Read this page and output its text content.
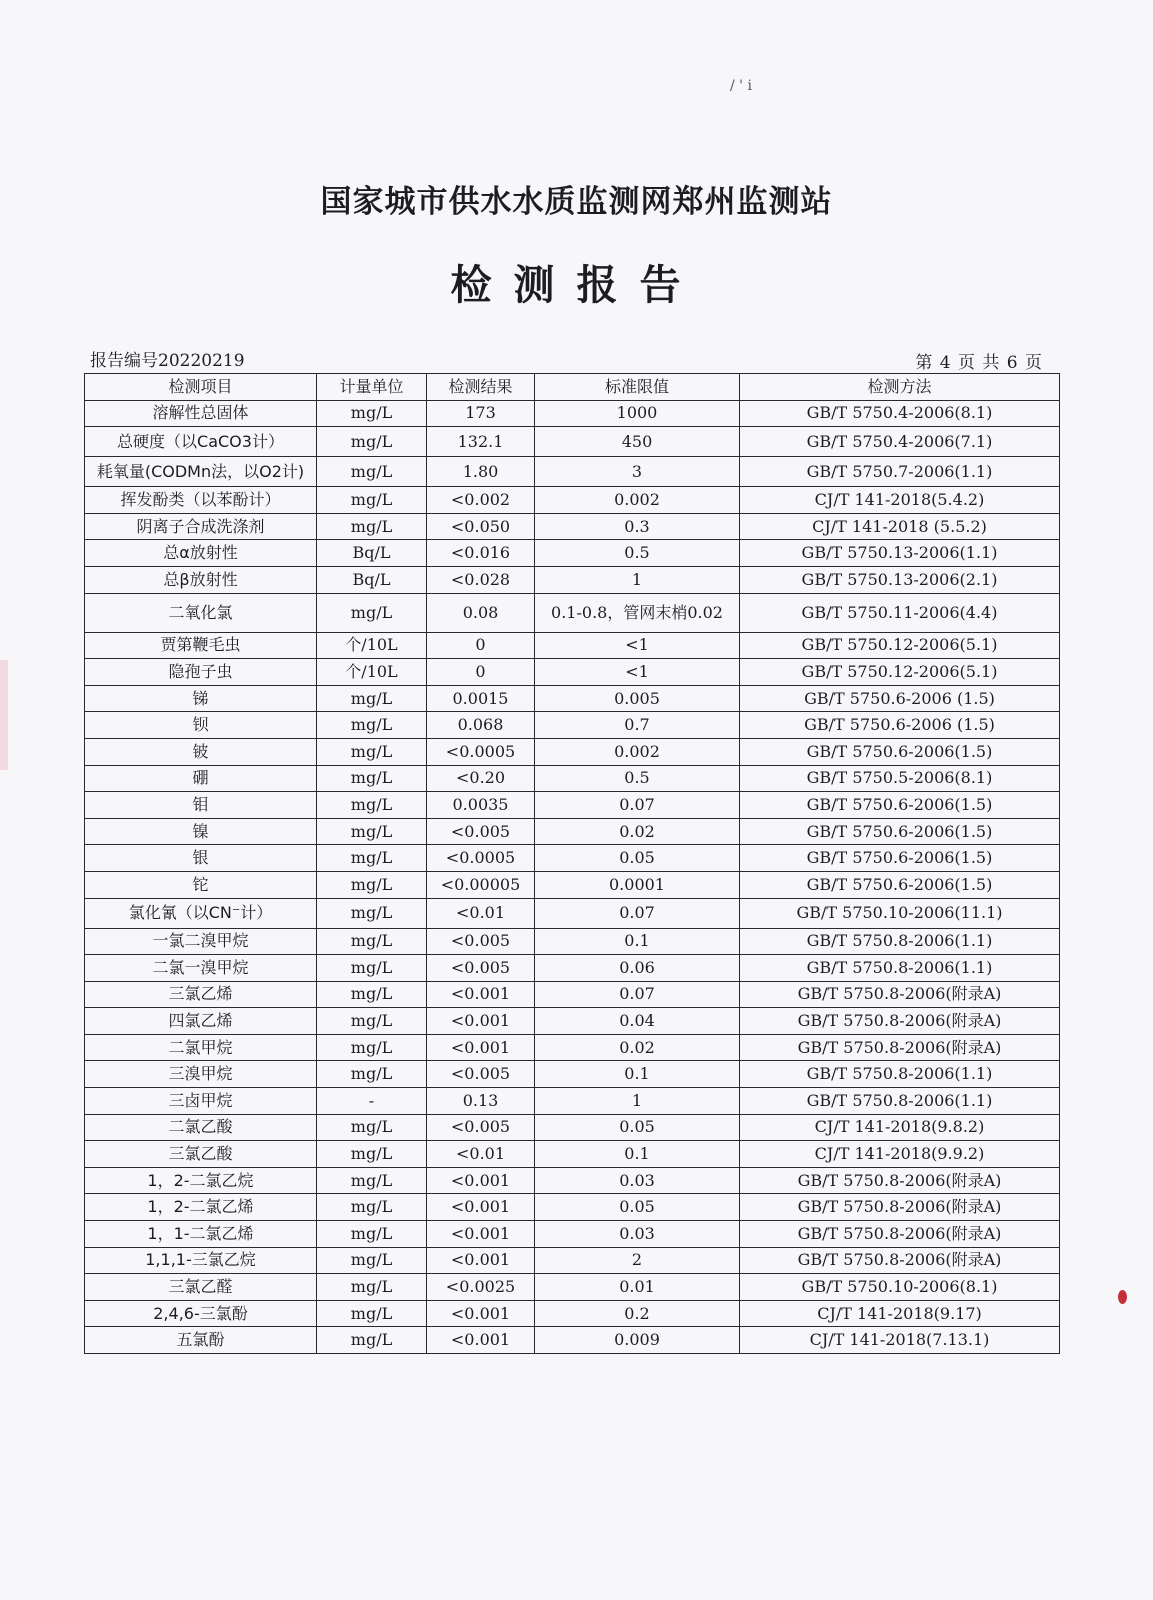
/ ' i
国家城市供水水质监测网郑州监测站
检测报告
报告编号20220219	第 4 页 共 6 页
检测项目	计量单位	检测结果	标准限值	检测方法
溶解性总固体	mg/L	173	1000	GB/T 5750.4-2006(8.1)
总硬度（以CaCO3计）	mg/L	132.1	450	GB/T 5750.4-2006(7.1)
耗氧量(CODMn法，以O2计)	mg/L	1.80	3	GB/T 5750.7-2006(1.1)
挥发酚类（以苯酚计）	mg/L	<0.002	0.002	CJ/T 141-2018(5.4.2)
阴离子合成洗涤剂	mg/L	<0.050	0.3	CJ/T 141-2018 (5.5.2)
总α放射性	Bq/L	<0.016	0.5	GB/T 5750.13-2006(1.1)
总β放射性	Bq/L	<0.028	1	GB/T 5750.13-2006(2.1)
二氧化氯	mg/L	0.08	0.1-0.8，管网末梢0.02	GB/T 5750.11-2006(4.4)
贾第鞭毛虫	个/10L	0	<1	GB/T 5750.12-2006(5.1)
隐孢子虫	个/10L	0	<1	GB/T 5750.12-2006(5.1)
锑	mg/L	0.0015	0.005	GB/T 5750.6-2006 (1.5)
钡	mg/L	0.068	0.7	GB/T 5750.6-2006 (1.5)
铍	mg/L	<0.0005	0.002	GB/T 5750.6-2006(1.5)
硼	mg/L	<0.20	0.5	GB/T 5750.5-2006(8.1)
钼	mg/L	0.0035	0.07	GB/T 5750.6-2006(1.5)
镍	mg/L	<0.005	0.02	GB/T 5750.6-2006(1.5)
银	mg/L	<0.0005	0.05	GB/T 5750.6-2006(1.5)
铊	mg/L	<0.00005	0.0001	GB/T 5750.6-2006(1.5)
氯化氰（以CN⁻计）	mg/L	<0.01	0.07	GB/T 5750.10-2006(11.1)
一氯二溴甲烷	mg/L	<0.005	0.1	GB/T 5750.8-2006(1.1)
二氯一溴甲烷	mg/L	<0.005	0.06	GB/T 5750.8-2006(1.1)
三氯乙烯	mg/L	<0.001	0.07	GB/T 5750.8-2006(附录A)
四氯乙烯	mg/L	<0.001	0.04	GB/T 5750.8-2006(附录A)
二氯甲烷	mg/L	<0.001	0.02	GB/T 5750.8-2006(附录A)
三溴甲烷	mg/L	<0.005	0.1	GB/T 5750.8-2006(1.1)
三卤甲烷	-	0.13	1	GB/T 5750.8-2006(1.1)
二氯乙酸	mg/L	<0.005	0.05	CJ/T 141-2018(9.8.2)
三氯乙酸	mg/L	<0.01	0.1	CJ/T 141-2018(9.9.2)
1，2-二氯乙烷	mg/L	<0.001	0.03	GB/T 5750.8-2006(附录A)
1，2-二氯乙烯	mg/L	<0.001	0.05	GB/T 5750.8-2006(附录A)
1，1-二氯乙烯	mg/L	<0.001	0.03	GB/T 5750.8-2006(附录A)
1,1,1-三氯乙烷	mg/L	<0.001	2	GB/T 5750.8-2006(附录A)
三氯乙醛	mg/L	<0.0025	0.01	GB/T 5750.10-2006(8.1)
2,4,6-三氯酚	mg/L	<0.001	0.2	CJ/T 141-2018(9.17)
五氯酚	mg/L	<0.001	0.009	CJ/T 141-2018(7.13.1)
